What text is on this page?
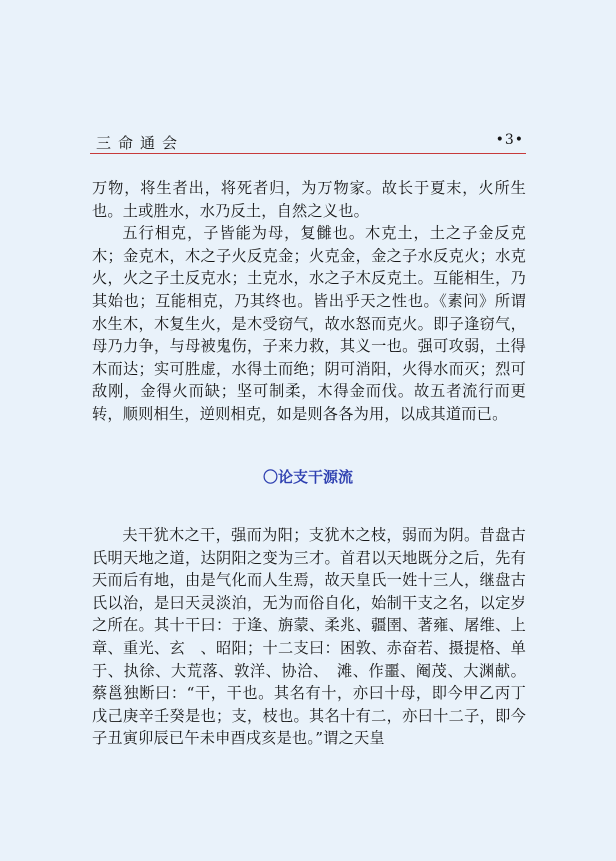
三命通会	•3•

万物，将生者出，将死者归，为万物家。故长于夏末，火所生也。土或胜水，水乃反土，自然之义也。

五行相克，子皆能为母，复雠也。木克土，土之子金反克木；金克木，木之子火反克金；火克金，金之子水反克火；水克火，火之子土反克水；土克水，水之子木反克土。互能相生，乃其始也；互能相克，乃其终也。皆出乎天之性也。《素问》所谓水生木，木复生火，是木受窃气，故水怒而克火。即子逢窃气，母乃力争，与母被鬼伤，子来力救，其义一也。强可攻弱，土得木而达；实可胜虚，水得土而绝；阴可消阳，火得水而灭；烈可敌刚，金得火而缺；坚可制柔，木得金而伐。故五者流行而更转，顺则相生，逆则相克，如是则各各为用，以成其道而已。

〇论支干源流

夫干犹木之干，强而为阳；支犹木之枝，弱而为阴。昔盘古氏明天地之道，达阴阳之变为三才。首君以天地既分之后，先有天而后有地，由是气化而人生焉，故天皇氏一姓十三人，继盘古氏以治，是曰天灵淡泊，无为而俗自化，始制干支之名，以定岁之所在。其十干曰：于逢、旃蒙、柔兆、疆圉、著雍、屠维、上章、重光、玄　、昭阳；十二支曰：困敦、赤奋若、摄提格、单于、执徐、大荒落、敦洋、协洽、　滩、作噩、阉茂、大渊献。蔡邕独断曰：“干，干也。其名有十，亦曰十母，即今甲乙丙丁戊己庚辛壬癸是也；支，枝也。其名十有二，亦曰十二子，即今子丑寅卯辰已午未申酉戌亥是也。”谓之天皇
